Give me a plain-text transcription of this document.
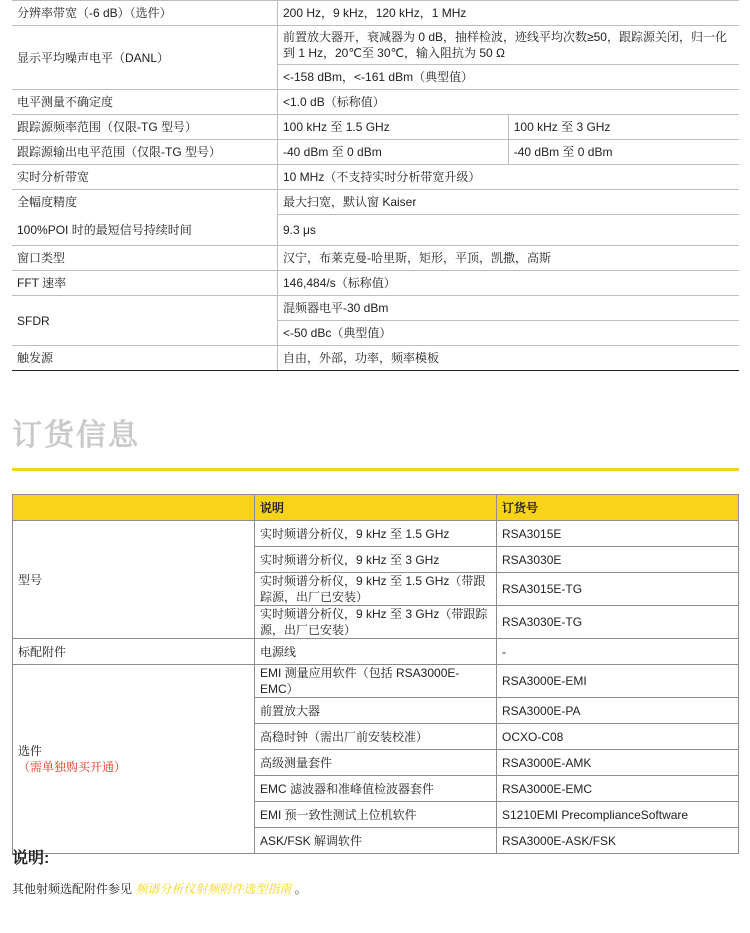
分辨率带宽（-6 dB）（选件）	200 Hz，9 kHz，120 kHz，1 MHz	
显示平均噪声电平（DANL）	前置放大器开，衰减器为 0 dB，抽样检波，迹线平均次数≥50，跟踪源关闭，归一化到 1 Hz，20℃至 30℃，输入阻抗为 50 Ω	
	<-158 dBm，<-161 dBm（典型值）	
电平测量不确定度	<1.0 dB（标称值）	
跟踪源频率范围（仅限-TG 型号）	100 kHz 至 1.5 GHz	100 kHz 至 3 GHz
跟踪源输出电平范围（仅限-TG 型号）	-40 dBm 至 0 dBm	-40 dBm 至 0 dBm
实时分析带宽	10 MHz（不支持实时分析带宽升级）	
全幅度精度	最大扫宽，默认窗 Kaiser	
100%POI 时的最短信号持续时间	9.3 μs	
窗口类型	汉宁，布莱克曼-哈里斯，矩形，平顶，凯撒，高斯	
FFT 速率	146,484/s（标称值）	
SFDR	混频器电平-30 dBm	
	<-50 dBc（典型值）	
触发源	自由，外部，功率，频率模板	
订货信息
	说明	订货号
型号	实时频谱分析仪，9 kHz 至 1.5 GHz	RSA3015E
	实时频谱分析仪，9 kHz 至 3 GHz	RSA3030E
	实时频谱分析仪，9 kHz 至 1.5 GHz（带跟踪源，出厂已安装）	RSA3015E-TG
	实时频谱分析仪，9 kHz 至 3 GHz（带跟踪源，出厂已安装）	RSA3030E-TG
标配附件	电源线	-

选件
（需单独购买开通）	EMI 测量应用软件（包括 RSA3000E-EMC）	RSA3000E-EMI
	前置放大器	RSA3000E-PA
	高稳时钟（需出厂前安装校准）	OCXO-C08
	高级测量套件	RSA3000E-AMK
	EMC 滤波器和准峰值检波器套件	RSA3000E-EMC
	EMI 预一致性测试上位机软件	S1210EMI PrecomplianceSoftware
	ASK/FSK 解调软件	RSA3000E-ASK/FSK
说明:
其他射频选配附件参见 频谱分析仪射频附件选型指南 。
